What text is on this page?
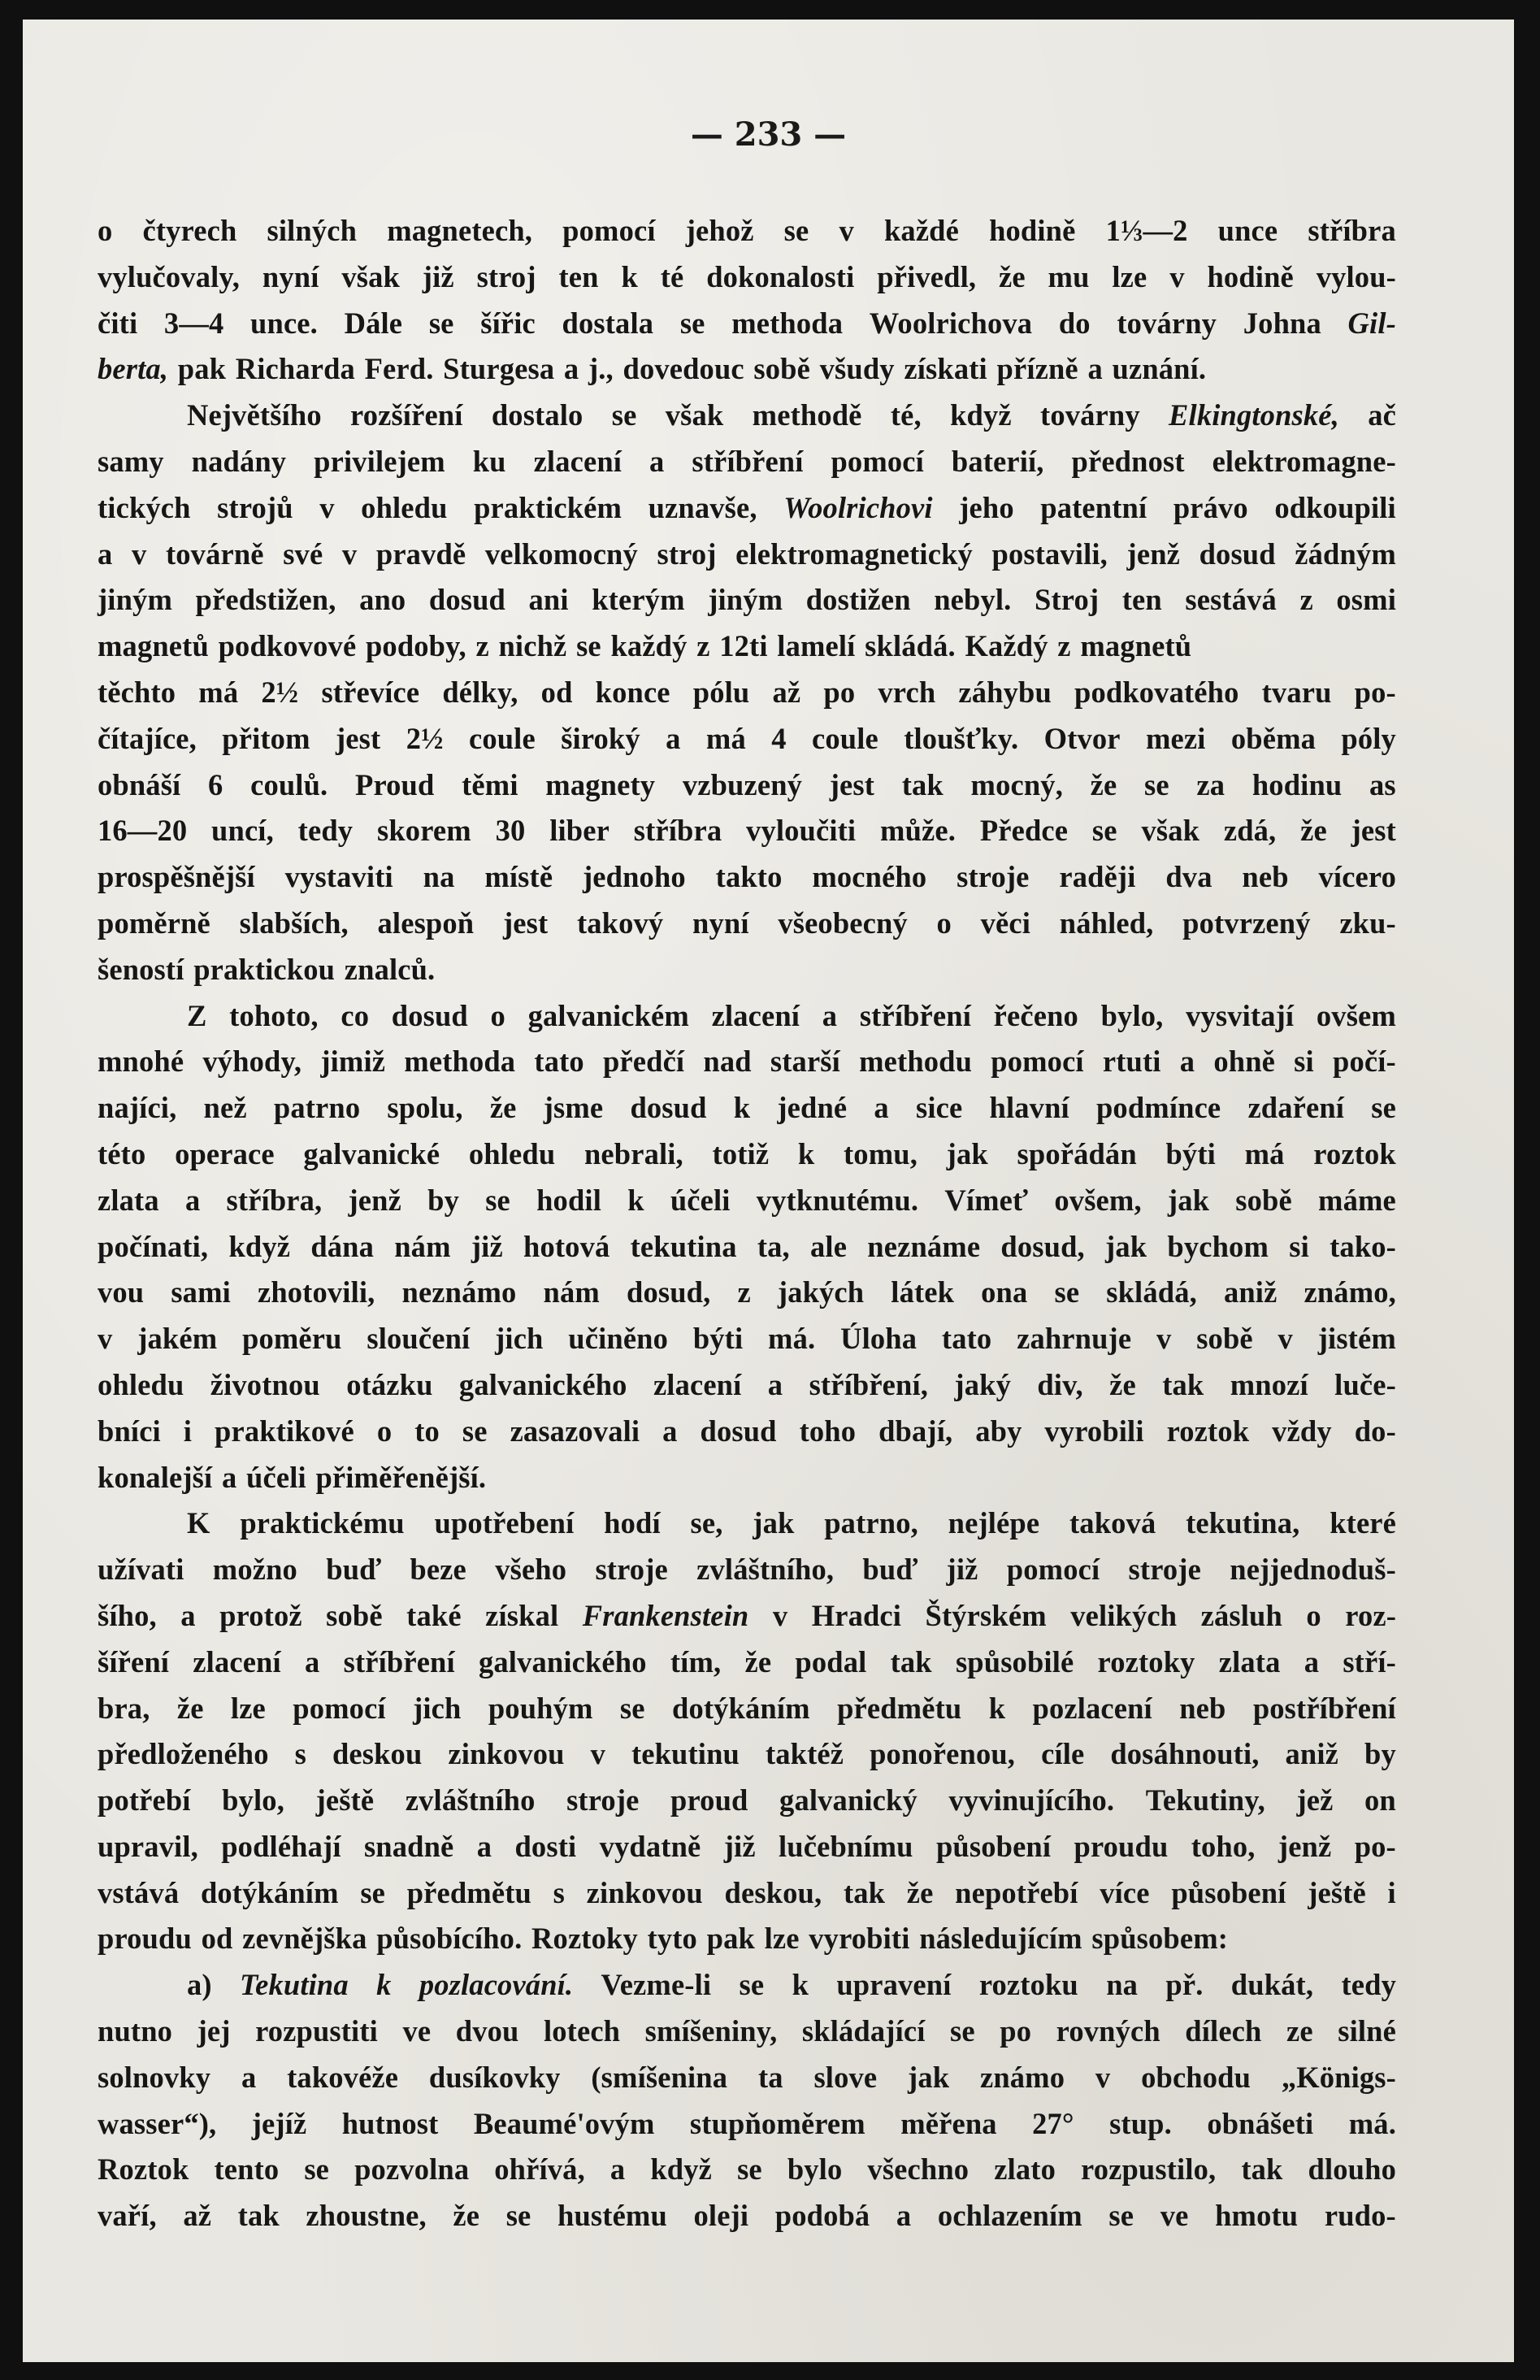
— 233 —
o čtyrech silných magnetech, pomocí jehož se v každé hodině 1⅓—2 unce stříbra
vylučovaly, nyní však již stroj ten k té dokonalosti přivedl, že mu lze v hodině vylou-
čiti 3—4 unce. Dále se šířic dostala se methoda Woolrichova do továrny Johna Gil-
berta, pak Richarda Ferd. Sturgesa a j., dovedouc sobě všudy získati přízně a uznání.
Největšího rozšíření dostalo se však methodě té, když továrny Elkingtonské, ač
samy nadány privilejem ku zlacení a stříbření pomocí baterií, přednost elektromagne-
tických strojů v ohledu praktickém uznavše, Woolrichovi jeho patentní právo odkoupili
a v továrně své v pravdě velkomocný stroj elektromagnetický postavili, jenž dosud žádným
jiným předstižen, ano dosud ani kterým jiným dostižen nebyl. Stroj ten sestává z osmi
magnetů podkovové podoby, z nichž se každý z 12ti lamelí skládá. Každý z magnetů
těchto má 2½ střevíce délky, od konce pólu až po vrch záhybu podkovatého tvaru po-
čítajíce, přitom jest 2½ coule široký a má 4 coule tloušťky. Otvor mezi oběma póly
obnáší 6 coulů. Proud těmi magnety vzbuzený jest tak mocný, že se za hodinu as
16—20 uncí, tedy skorem 30 liber stříbra vyloučiti může. Předce se však zdá, že jest
prospěšnější vystaviti na místě jednoho takto mocného stroje raději dva neb vícero
poměrně slabších, alespoň jest takový nyní všeobecný o věci náhled, potvrzený zku-
šeností praktickou znalců.
Z tohoto, co dosud o galvanickém zlacení a stříbření řečeno bylo, vysvitají ovšem
mnohé výhody, jimiž methoda tato předčí nad starší methodu pomocí rtuti a ohně si počí-
najíci, než patrno spolu, že jsme dosud k jedné a sice hlavní podmínce zdaření se
této operace galvanické ohledu nebrali, totiž k tomu, jak spořádán býti má roztok
zlata a stříbra, jenž by se hodil k účeli vytknutému. Vímeť ovšem, jak sobě máme
počínati, když dána nám již hotová tekutina ta, ale neznáme dosud, jak bychom si tako-
vou sami zhotovili, neznámo nám dosud, z jakých látek ona se skládá, aniž známo,
v jakém poměru sloučení jich učiněno býti má. Úloha tato zahrnuje v sobě v jistém
ohledu životnou otázku galvanického zlacení a stříbření, jaký div, že tak mnozí luče-
bníci i praktikové o to se zasazovali a dosud toho dbají, aby vyrobili roztok vždy do-
konalejší a účeli přiměřenější.
K praktickému upotřebení hodí se, jak patrno, nejlépe taková tekutina, které
užívati možno buď beze všeho stroje zvláštního, buď již pomocí stroje nejjednoduš-
šího, a protož sobě také získal Frankenstein v Hradci Štýrském velikých zásluh o roz-
šíření zlacení a stříbření galvanického tím, že podal tak spůsobilé roztoky zlata a stří-
bra, že lze pomocí jich pouhým se dotýkáním předmětu k pozlacení neb postříbření
předloženého s deskou zinkovou v tekutinu taktéž ponořenou, cíle dosáhnouti, aniž by
potřebí bylo, ještě zvláštního stroje proud galvanický vyvinujícího. Tekutiny, jež on
upravil, podléhají snadně a dosti vydatně již lučebnímu působení proudu toho, jenž po-
vstává dotýkáním se předmětu s zinkovou deskou, tak že nepotřebí více působení ještě i
proudu od zevnějška působícího. Roztoky tyto pak lze vyrobiti následujícím spůsobem:
a) Tekutina k pozlacování. Vezme-li se k upravení roztoku na př. dukát, tedy
nutno jej rozpustiti ve dvou lotech smíšeniny, skládající se po rovných dílech ze silné
solnovky a takovéže dusíkovky (smíšenina ta slove jak známo v obchodu „Königs-
wasser“), jejíž hutnost Beaumé'ovým stupňoměrem měřena 27° stup. obnášeti má.
Roztok tento se pozvolna ohřívá, a když se bylo všechno zlato rozpustilo, tak dlouho
vaří, až tak zhoustne, že se hustému oleji podobá a ochlazením se ve hmotu rudo-
